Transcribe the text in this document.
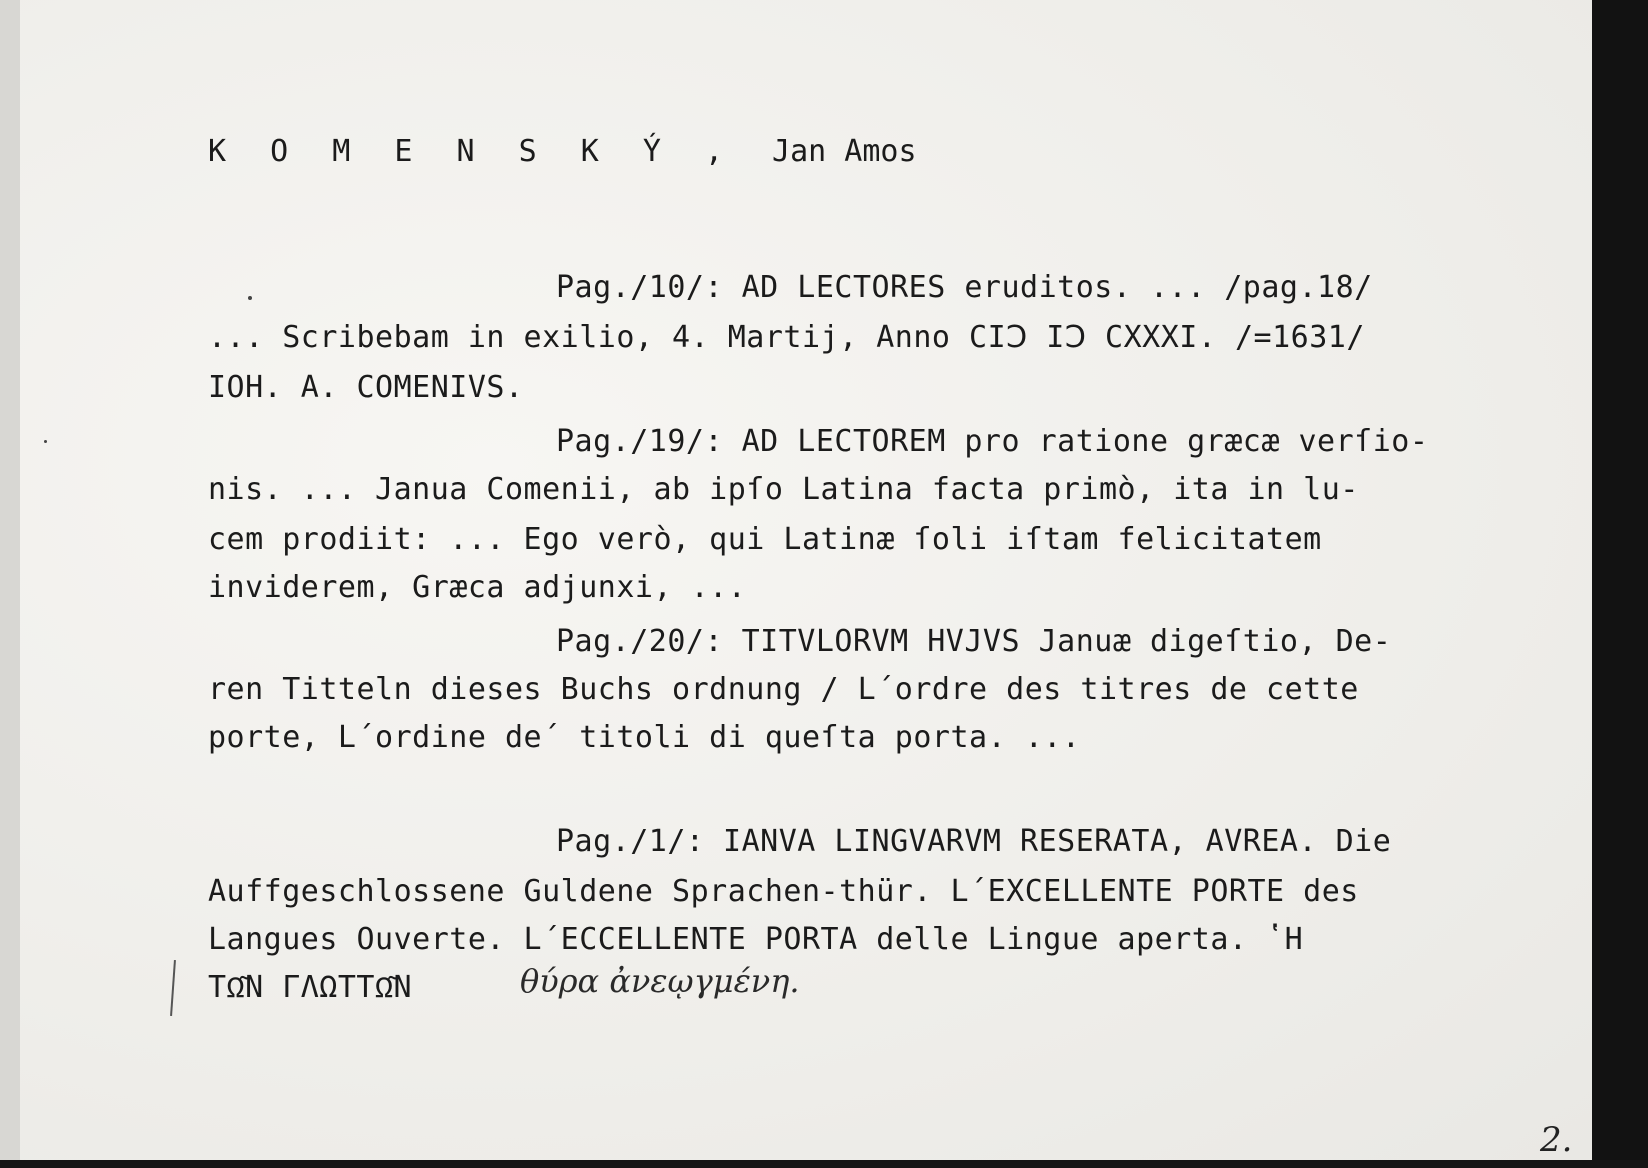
K O M E N S K Ý , Jan Amos

Pag./10/: AD LECTORES eruditos. ... /pag.18/

... Scribebam in exilio, 4. Martij, Anno CIↃ IↃ CXXXI. /=1631/

IOH. A. COMENIVS.

Pag./19/: AD LECTOREM pro ratione græcæ verſio-

nis. ... Janua Comenii, ab ipſo Latina facta primò, ita in lu-

cem prodiit: ... Ego verò, qui Latinæ ſoli iſtam felicitatem

inviderem, Græca adjunxi, ...

Pag./20/: TITVLORVM HVJVS Januæ digeſtio, De-

ren Titteln dieses Buchs ordnung / L´ordre des titres de cette

porte, L´ordine de´ titoli di queſta porta. ...

Pag./1/: IANVA LINGVARVM RESERATA, AVREA. Die

Auffgeschlossene Guldene Sprachen-thür. L´EXCELLENTE PORTE des

Langues Ouverte. L´ECCELLENTE PORTA delle Lingue aperta. ʽH

TΩ͂N ΓΛΩTTΩ͂N	θύρα ἀνεῳγμένη.
2.
